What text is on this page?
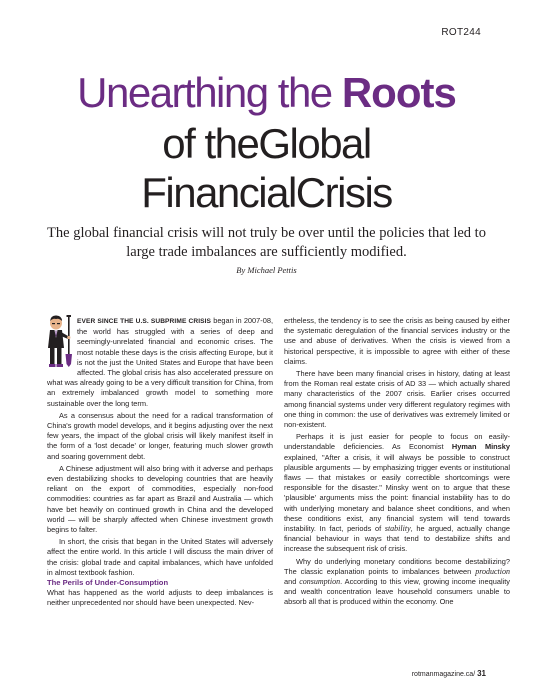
ROT244
Unearthing the Roots
of theGlobal
FinancialCrisis
The global financial crisis will not truly be over until the policies that led to large trade imbalances are sufficiently modified.
By Michael Pettis

EVER SINCE THE U.S. SUBPRIME CRISIS began in 2007-08, the world has struggled with a series of deep and seemingly-unrelated financial and economic crises. The most notable these days is the crisis affecting Europe, but it is not the just the United States and Europe that have been affected. The global crisis has also accelerated pressure on what was already going to be a very difficult transition for China, from an extremely imbalanced growth model to something more sustainable over the long term.

As a consensus about the need for a radical transformation of China's growth model develops, and it begins adjusting over the next few years, the impact of the global crisis will likely manifest itself in the form of a 'lost decade' or longer, featuring much slower growth and soaring government debt.

A Chinese adjustment will also bring with it adverse and perhaps even destabilizing shocks to developing countries that are heavily reliant on the export of commodities, especially non-food commodities: countries as far apart as Brazil and Australia — which have bet heavily on continued growth in China and the developed world — will be sharply affected when Chinese investment growth begins to falter.

In short, the crisis that began in the United States will adversely affect the entire world. In this article I will discuss the main driver of the crisis: global trade and capital imbalances, which have unfolded in almost textbook fashion.

The Perils of Under-Consumption

What has happened as the world adjusts to deep imbalances is neither unprecedented nor should have been unexpected. Nev-

ertheless, the tendency is to see the crisis as being caused by either the systematic deregulation of the financial services industry or the use and abuse of derivatives. When the crisis is viewed from a historical perspective, it is impossible to agree with either of these claims.

There have been many financial crises in history, dating at least from the Roman real estate crisis of AD 33 — which actually shared many characteristics of the 2007 crisis. Earlier crises occurred among financial systems under very different regulatory regimes with one thing in common: the use of derivatives was extremely limited or non-existent.

Perhaps it is just easier for people to focus on easily-understandable deficiencies. As Economist Hyman Minsky explained, "After a crisis, it will always be possible to construct plausible arguments — by emphasizing trigger events or institutional flaws — that mistakes or easily correctible shortcomings were responsible for the disaster." Minsky went on to argue that these 'plausible' arguments miss the point: financial instability has to do with underlying monetary and balance sheet conditions, and when these conditions exist, any financial system will tend towards instability. In fact, periods of stability, he argued, actually change financial behaviour in ways that tend to destabilize shifts and increase the subsequent risk of crisis.

Why do underlying monetary conditions become destabilizing? The classic explanation points to imbalances between production and consumption. According to this view, growing income inequality and wealth concentration leave household consumers unable to absorb all that is produced within the economy. One

rotmanmagazine.ca/ 31
